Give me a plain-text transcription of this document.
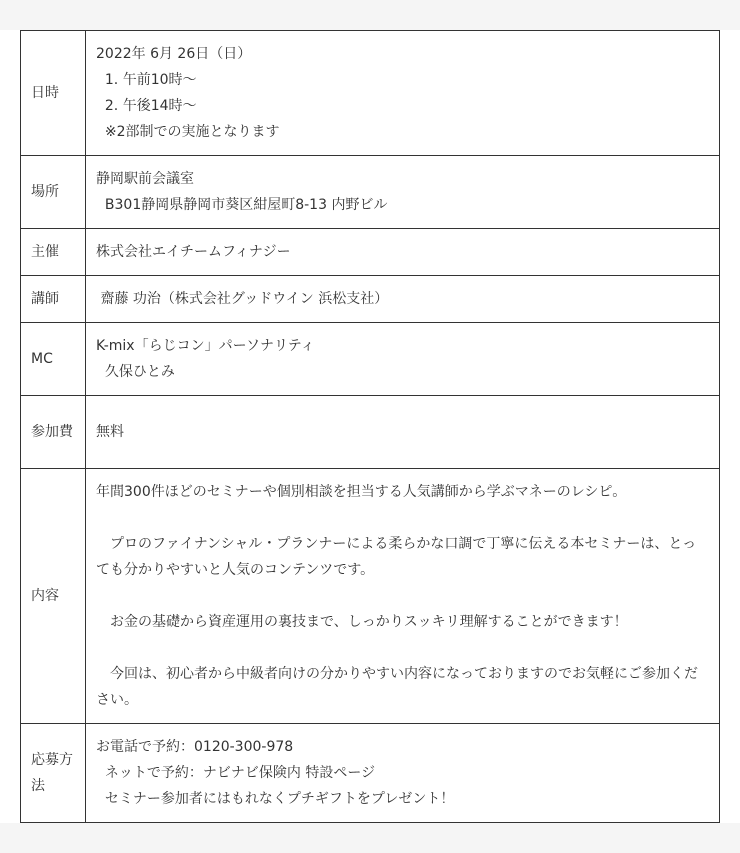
日時	2022年 6月 26日（日）
1. 午前10時～
2. 午後14時～
※2部制での実施となります

場所	静岡駅前会議室
B301静岡県静岡市葵区紺屋町8-13 内野ビル

主催	株式会社エイチームフィナジー

講師	齋藤 功治（株式会社グッドウイン 浜松支社）

MC	K-mix「らじコン」パーソナリティ
久保ひとみ

参加費	無料

内容	年間300件ほどのセミナーや個別相談を担当する人気講師から学ぶマネーのレシピ。
　プロのファイナンシャル・プランナーによる柔らかな口調で丁寧に伝える本セミナーは、とっても分かりやすいと人気のコンテンツです。
　お金の基礎から資産運用の裏技まで、しっかりスッキリ理解することができます！
　今回は、初心者から中級者向けの分かりやすい内容になっておりますのでお気軽にご参加ください。

応募方法	お電話で予約：0120-300-978
ネットで予約：ナビナビ保険内 特設ページ
セミナー参加者にはもれなくプチギフトをプレゼント！
